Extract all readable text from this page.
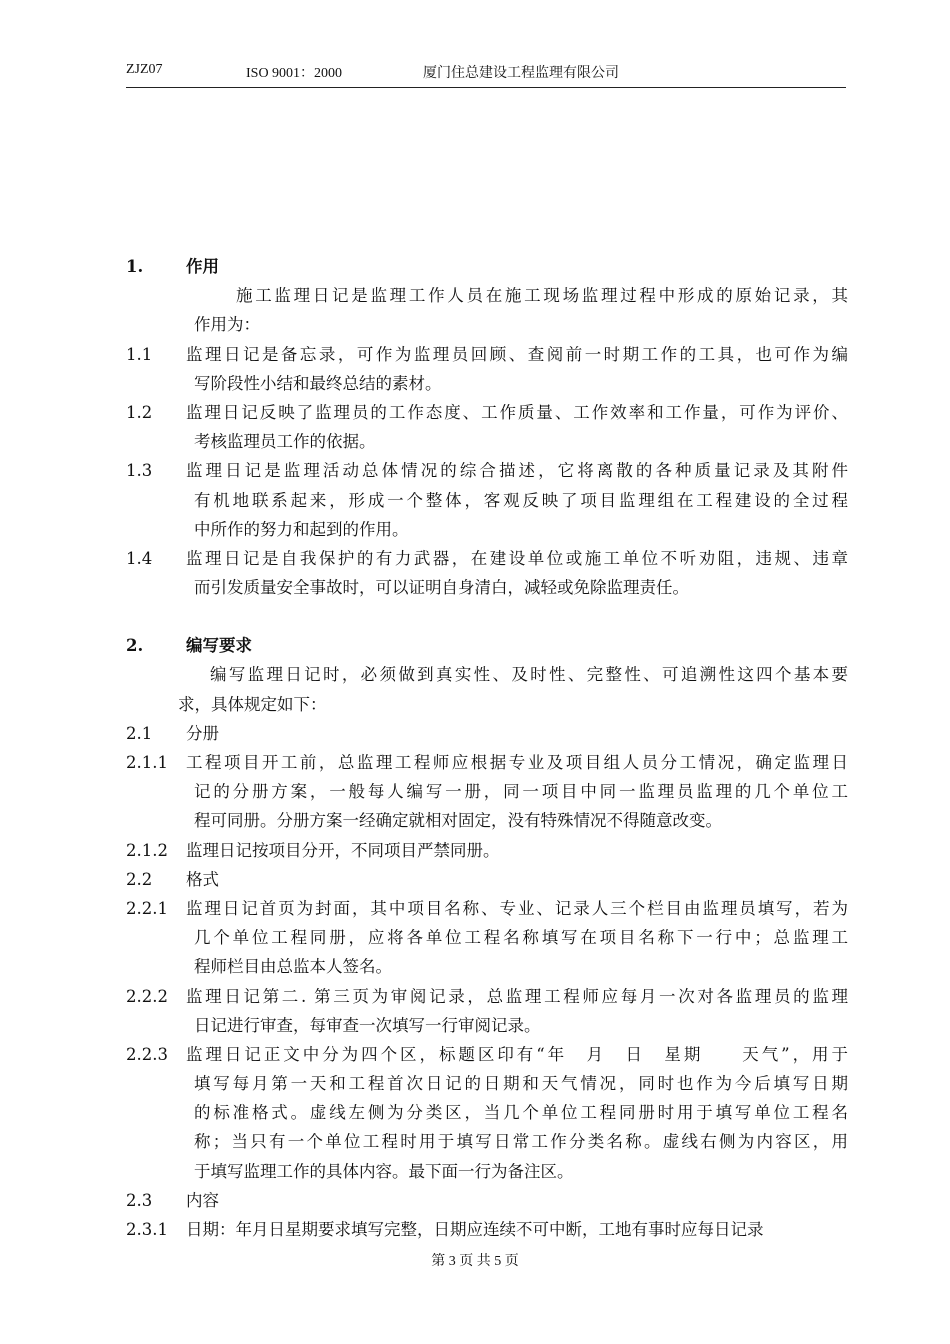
ZJZ07	ISO 9001：2000	厦门住总建设工程监理有限公司
1.	作用
施工监理日记是监理工作人员在施工现场监理过程中形成的原始记录，其
作用为：
1.1 监理日记是备忘录，可作为监理员回顾、查阅前一时期工作的工具，也可作为编
写阶段性小结和最终总结的素材。
1.2 监理日记反映了监理员的工作态度、工作质量、工作效率和工作量，可作为评价、
考核监理员工作的依据。
1.3 监理日记是监理活动总体情况的综合描述，它将离散的各种质量记录及其附件
有机地联系起来，形成一个整体，客观反映了项目监理组在工程建设的全过程
中所作的努力和起到的作用。
1.4 监理日记是自我保护的有力武器，在建设单位或施工单位不听劝阻，违规、违章
而引发质量安全事故时，可以证明自身清白，减轻或免除监理责任。
2.	编写要求
编写监理日记时，必须做到真实性、及时性、完整性、可追溯性这四个基本要
求，具体规定如下：
2.1 分册
2.1.1 工程项目开工前，总监理工程师应根据专业及项目组人员分工情况，确定监理日
记的分册方案，一般每人编写一册，同一项目中同一监理员监理的几个单位工
程可同册。分册方案一经确定就相对固定，没有特殊情况不得随意改变。
2.1.2 监理日记按项目分开，不同项目严禁同册。
2.2 格式
2.2.1 监理日记首页为封面，其中项目名称、专业、记录人三个栏目由监理员填写，若为
几个单位工程同册，应将各单位工程名称填写在项目名称下一行中；总监理工
程师栏目由总监本人签名。
2.2.2 监理日记第二. 第三页为审阅记录，总监理工程师应每月一次对各监理员的监理
日记进行审查，每审查一次填写一行审阅记录。
2.2.3 监理日记正文中分为四个区，标题区印有“年　月　日　星期　　天气”，用于
填写每月第一天和工程首次日记的日期和天气情况，同时也作为今后填写日期
的标准格式。虚线左侧为分类区，当几个单位工程同册时用于填写单位工程名
称；当只有一个单位工程时用于填写日常工作分类名称。虚线右侧为内容区，用
于填写监理工作的具体内容。最下面一行为备注区。
2.3 内容
2.3.1 日期：年月日星期要求填写完整，日期应连续不可中断，工地有事时应每日记录
第 3 页 共 5 页
